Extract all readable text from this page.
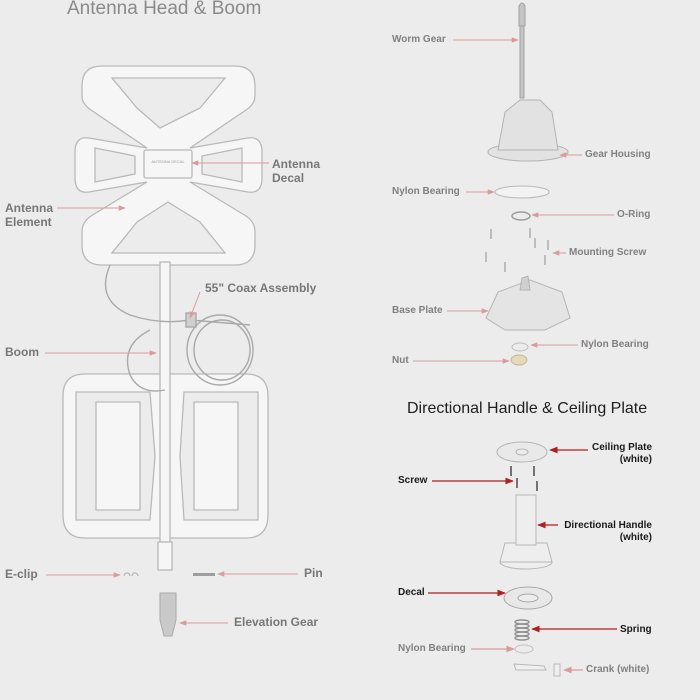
ANTENNA DECAL
Antenna Head & Boom
Antenna
Decal
Antenna
Element
55" Coax Assembly
Boom
E-clip	Pin
Elevation Gear
Worm Gear
Gear Housing
Nylon Bearing
O-Ring
Mounting Screw
Base Plate
Nylon Bearing
Nut
Directional Handle & Ceiling Plate
Ceiling Plate
(white)
Screw
Directional Handle
(white)
Decal
Spring
Nylon Bearing
Crank (white)
